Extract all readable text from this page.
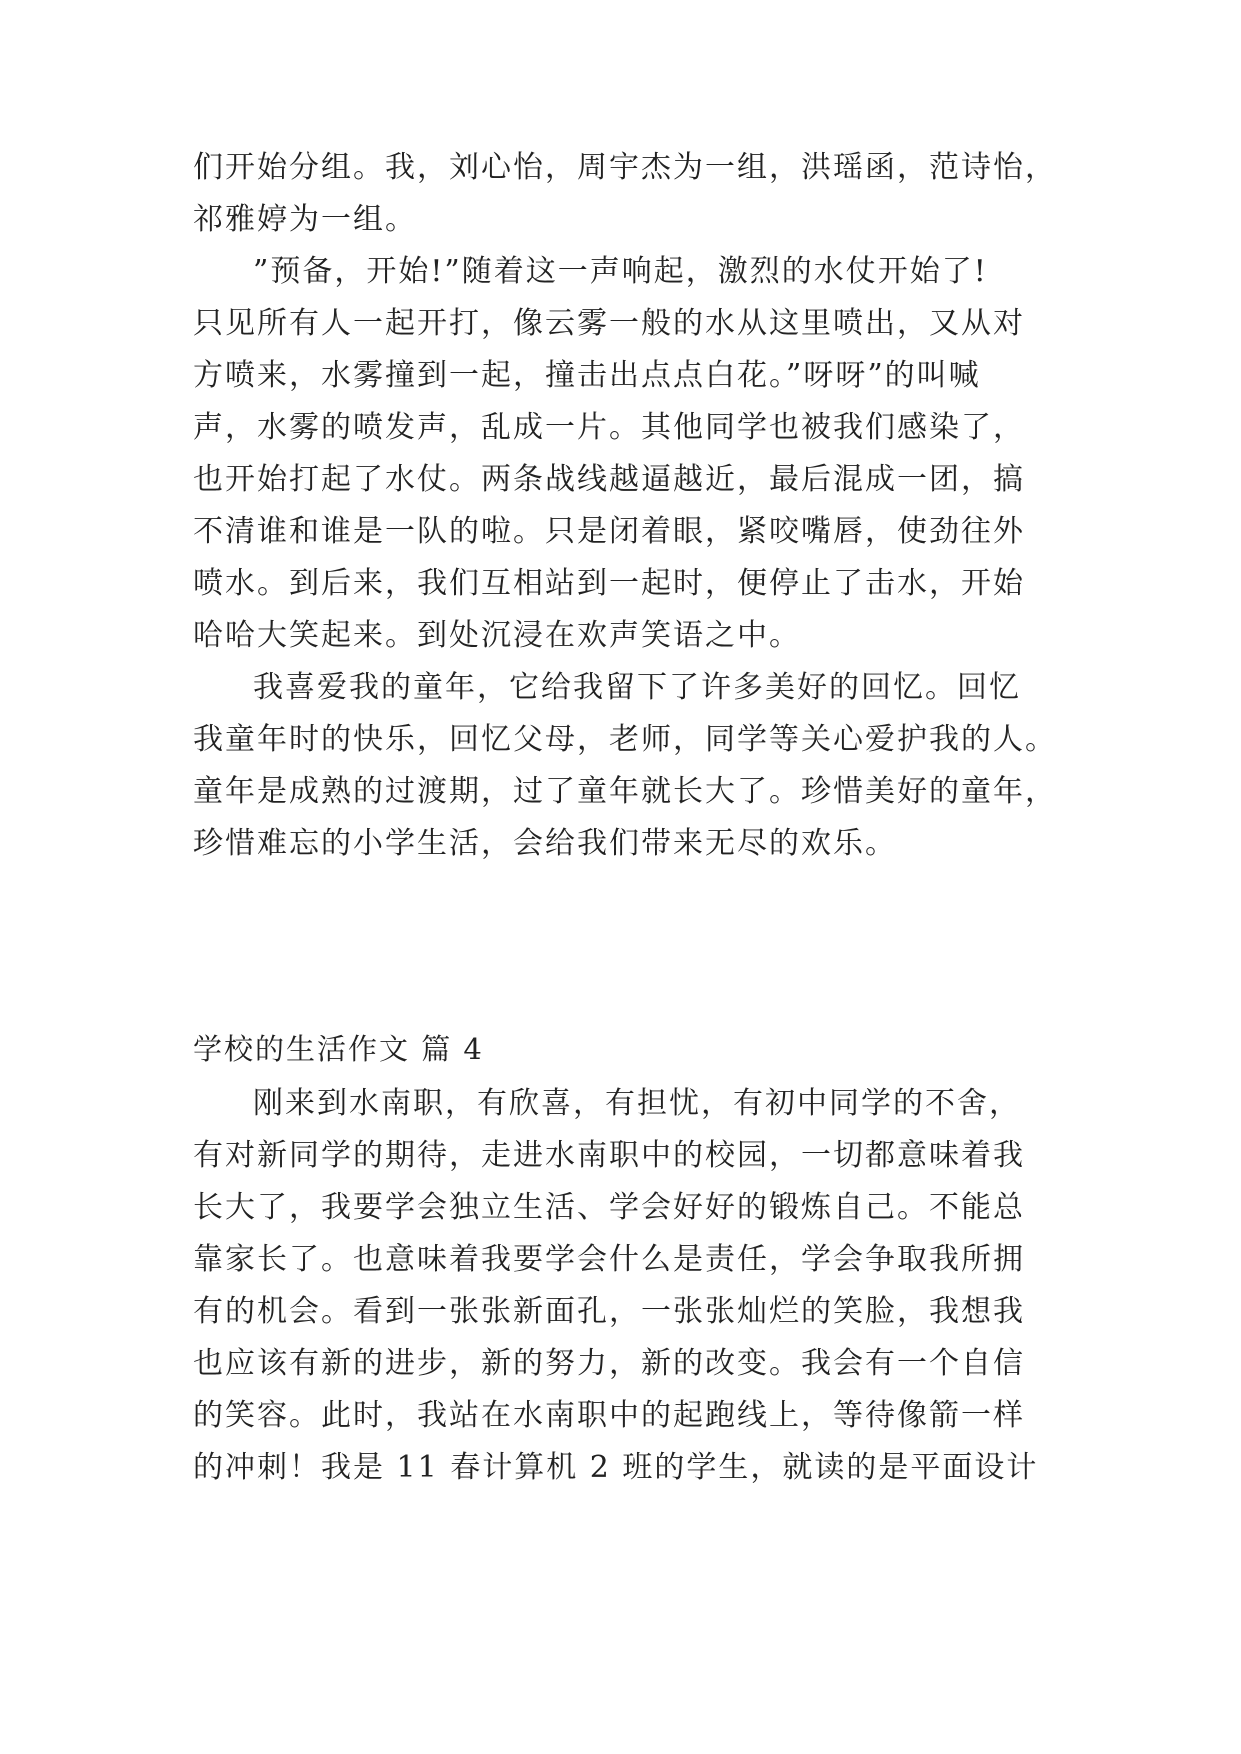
们开始分组。我，刘心怡，周宇杰为一组，洪瑶函，范诗怡，
祁雅婷为一组。
”预备，开始!”随着这一声响起，激烈的水仗开始了!
只见所有人一起开打，像云雾一般的水从这里喷出，又从对
方喷来，水雾撞到一起，撞击出点点白花。”呀呀”的叫喊
声，水雾的喷发声，乱成一片。其他同学也被我们感染了，
也开始打起了水仗。两条战线越逼越近，最后混成一团，搞
不清谁和谁是一队的啦。只是闭着眼，紧咬嘴唇，使劲往外
喷水。到后来，我们互相站到一起时，便停止了击水，开始
哈哈大笑起来。到处沉浸在欢声笑语之中。
我喜爱我的童年，它给我留下了许多美好的回忆。回忆
我童年时的快乐，回忆父母，老师，同学等关心爱护我的人。
童年是成熟的过渡期，过了童年就长大了。珍惜美好的童年，
珍惜难忘的小学生活，会给我们带来无尽的欢乐。
学校的生活作文 篇 4
刚来到水南职，有欣喜，有担忧，有初中同学的不舍，
有对新同学的期待，走进水南职中的校园，一切都意味着我
长大了，我要学会独立生活、学会好好的锻炼自己。不能总
靠家长了。也意味着我要学会什么是责任，学会争取我所拥
有的机会。看到一张张新面孔，一张张灿烂的笑脸，我想我
也应该有新的进步，新的努力，新的改变。我会有一个自信
的笑容。此时，我站在水南职中的起跑线上，等待像箭一样
的冲刺！我是 11 春计算机 2 班的学生，就读的是平面设计
